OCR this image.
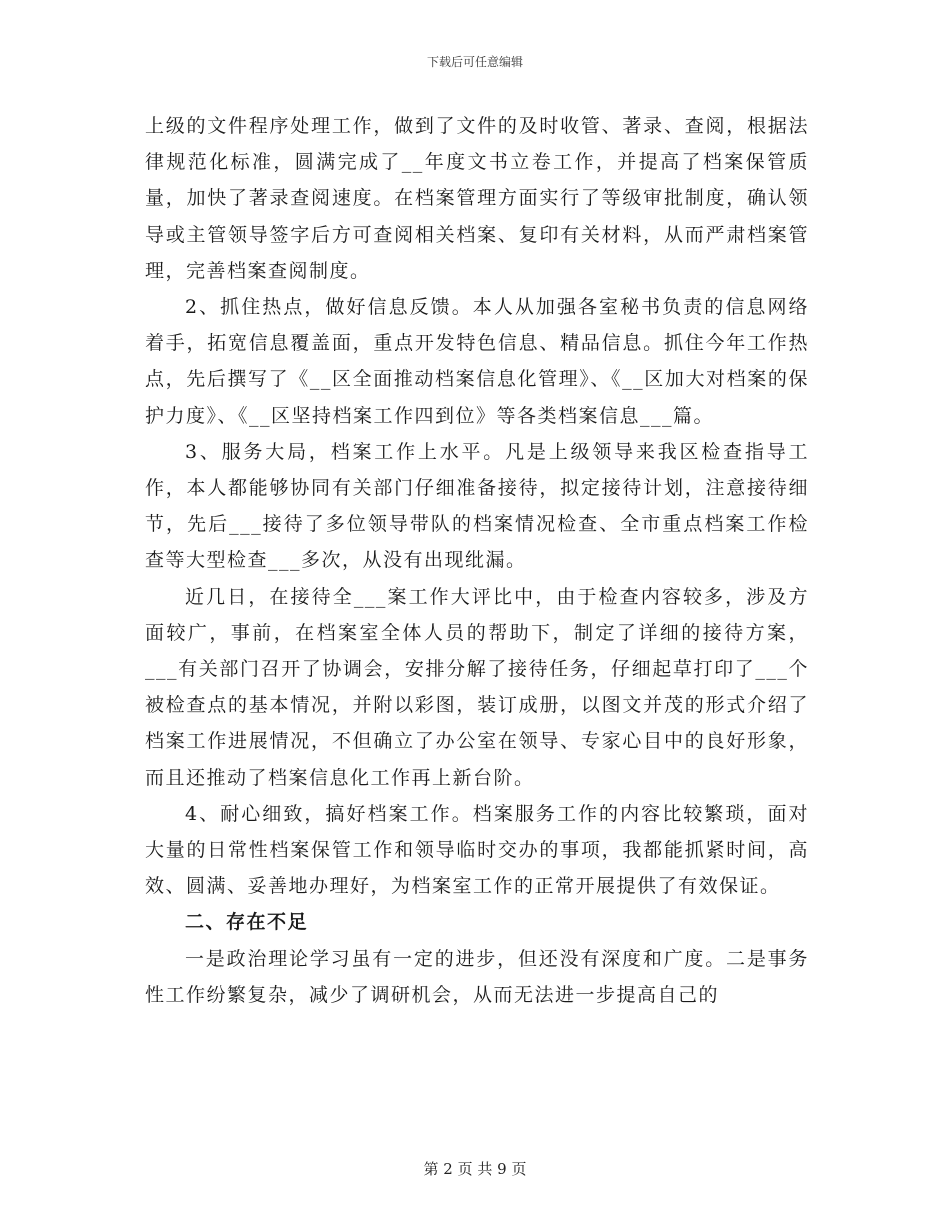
下载后可任意编辑

上级的文件程序处理工作，做到了文件的及时收管、著录、查阅，根据法律规范化标准，圆满完成了__年度文书立卷工作，并提高了档案保管质量，加快了著录查阅速度。在档案管理方面实行了等级审批制度，确认领导或主管领导签字后方可查阅相关档案、复印有关材料，从而严肃档案管理，完善档案查阅制度。

2、抓住热点，做好信息反馈。本人从加强各室秘书负责的信息网络着手，拓宽信息覆盖面，重点开发特色信息、精品信息。抓住今年工作热点，先后撰写了《__区全面推动档案信息化管理》、《__区加大对档案的保护力度》、《__区坚持档案工作四到位》等各类档案信息___篇。

3、服务大局，档案工作上水平。凡是上级领导来我区检查指导工作，本人都能够协同有关部门仔细准备接待，拟定接待计划，注意接待细节，先后___接待了多位领导带队的档案情况检查、全市重点档案工作检查等大型检查___多次，从没有出现纰漏。

近几日，在接待全___案工作大评比中，由于检查内容较多，涉及方面较广，事前，在档案室全体人员的帮助下，制定了详细的接待方案，___有关部门召开了协调会，安排分解了接待任务，仔细起草打印了___个被检查点的基本情况，并附以彩图，装订成册，以图文并茂的形式介绍了档案工作进展情况，不但确立了办公室在领导、专家心目中的良好形象，而且还推动了档案信息化工作再上新台阶。

4、耐心细致，搞好档案工作。档案服务工作的内容比较繁琐，面对大量的日常性档案保管工作和领导临时交办的事项，我都能抓紧时间，高效、圆满、妥善地办理好，为档案室工作的正常开展提供了有效保证。

二、存在不足

一是政治理论学习虽有一定的进步，但还没有深度和广度。二是事务性工作纷繁复杂，减少了调研机会，从而无法进一步提高自己的

第 2 页 共 9 页
